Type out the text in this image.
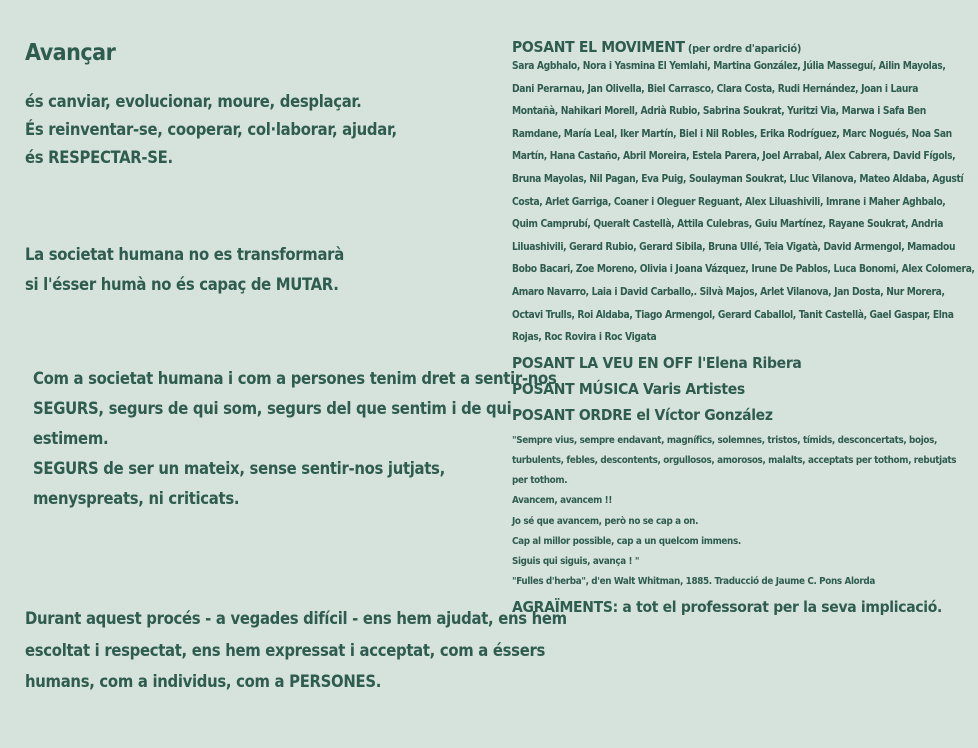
Avançar
és canviar, evolucionar, moure, desplaçar.
És reinventar-se, cooperar, col·laborar, ajudar,
és RESPECTAR-SE.
La societat humana no es transformarà
si l'ésser humà no és capaç de MUTAR.
Com a societat humana i com a persones tenim dret a sentir-nos
SEGURS, segurs de qui som, segurs del que sentim i de qui
estimem.
SEGURS de ser un mateix, sense sentir-nos jutjats,
menyspreats, ni criticats.
Durant aquest procés - a vegades difícil - ens hem ajudat, ens hem
escoltat i respectat, ens hem expressat i acceptat, com a éssers
humans, com a individus, com a PERSONES.
POSANT EL MOVIMENT (per ordre d'aparició)
Sara Agbhalo, Nora i Yasmina El Yemlahi, Martina González, Júlia Masseguí, Ailin Mayolas,
Dani Perarnau, Jan Olivella, Biel Carrasco, Clara Costa, Rudi Hernández, Joan i Laura
Montañà, Nahikari Morell, Adrià Rubio, Sabrina Soukrat, Yuritzi Via, Marwa i Safa Ben
Ramdane, María Leal, Iker Martín, Biel i Nil Robles, Erika Rodríguez, Marc Nogués, Noa San
Martín, Hana Castaño, Abril Moreira, Estela Parera, Joel Arrabal, Alex Cabrera, David Fígols,
Bruna Mayolas, Nil Pagan, Eva Puig, Soulayman Soukrat, Lluc Vilanova, Mateo Aldaba, Agustí
Costa, Arlet Garriga, Coaner i Oleguer Reguant, Alex Liluashivili, Imrane i Maher Aghbalo,
Quim Camprubí, Queralt Castellà, Attila Culebras, Guiu Martínez, Rayane Soukrat, Andria
Liluashivili, Gerard Rubio, Gerard Sibila, Bruna Ullé, Teia Vigatà, David Armengol, Mamadou
Bobo Bacari, Zoe Moreno, Olivia i Joana Vázquez, Irune De Pablos, Luca Bonomi, Alex Colomera,
Amaro Navarro, Laia i David Carballo,. Silvà Majos, Arlet Vilanova, Jan Dosta, Nur Morera,
Octavi Trulls, Roi Aldaba, Tiago Armengol, Gerard Caballol, Tanit Castellà, Gael Gaspar, Elna
Rojas, Roc Rovira i Roc Vigata
POSANT LA VEU EN OFF l'Elena Ribera
POSANT MÚSICA Varis Artistes
POSANT ORDRE el Víctor González
"Sempre vius, sempre endavant, magnífics, solemnes, tristos, tímids, desconcertats, bojos,
turbulents, febles, descontents, orgullosos, amorosos, malalts, acceptats per tothom, rebutjats
per tothom.
Avancem, avancem !!
Jo sé que avancem, però no se cap a on.
Cap al millor possible, cap a un quelcom immens.
Siguis qui siguis, avança ! "
"Fulles d'herba", d'en Walt Whitman, 1885. Traducció de Jaume C. Pons Alorda
AGRAÏMENTS: a tot el professorat per la seva implicació.
